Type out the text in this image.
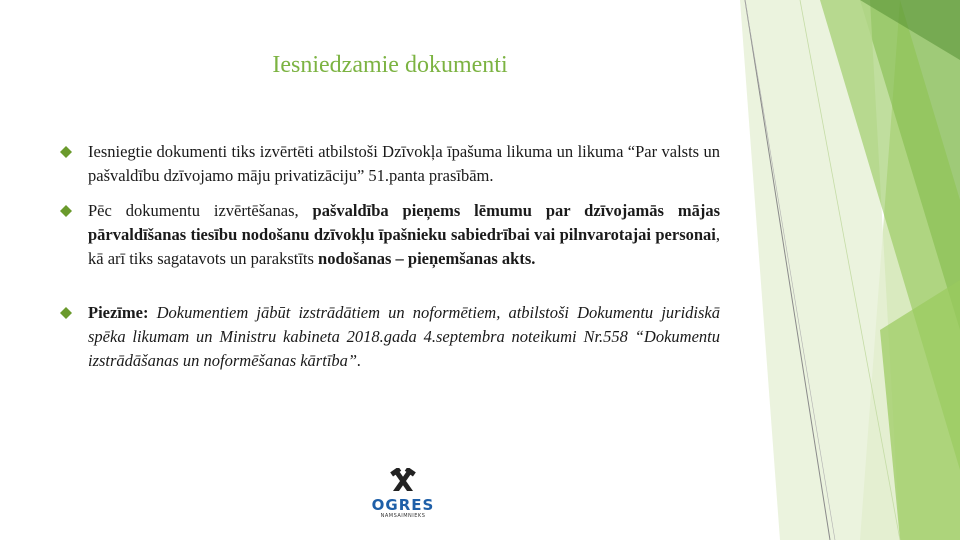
Iesniedzamie dokumenti
Iesniegtie dokumenti tiks izvērtēti atbilstoši Dzīvokļa īpašuma likuma un likuma “Par valsts un pašvaldību dzīvojamo māju privatizāciju” 51.panta prasībām.
Pēc dokumentu izvērtēšanas, pašvaldība pieņems lēmumu par dzīvojamās mājas pārvaldīšanas tiesību nodošanu dzīvokļu īpašnieku sabiedrībai vai pilnvarotajai personai, kā arī tiks sagatavots un parakstīts nodošanas – pieņemšanas akts.
Piezīme: Dokumentiem jābūt izstrādātiem un noformētiem, atbilstoši Dokumentu juridiskā spēka likumam un Ministru kabineta 2018.gada 4.septembra noteikumi Nr.558 “Dokumentu izstrādāšanas un noformēšanas kārtība”.
OGRES
NAMSAIMNIEKS
